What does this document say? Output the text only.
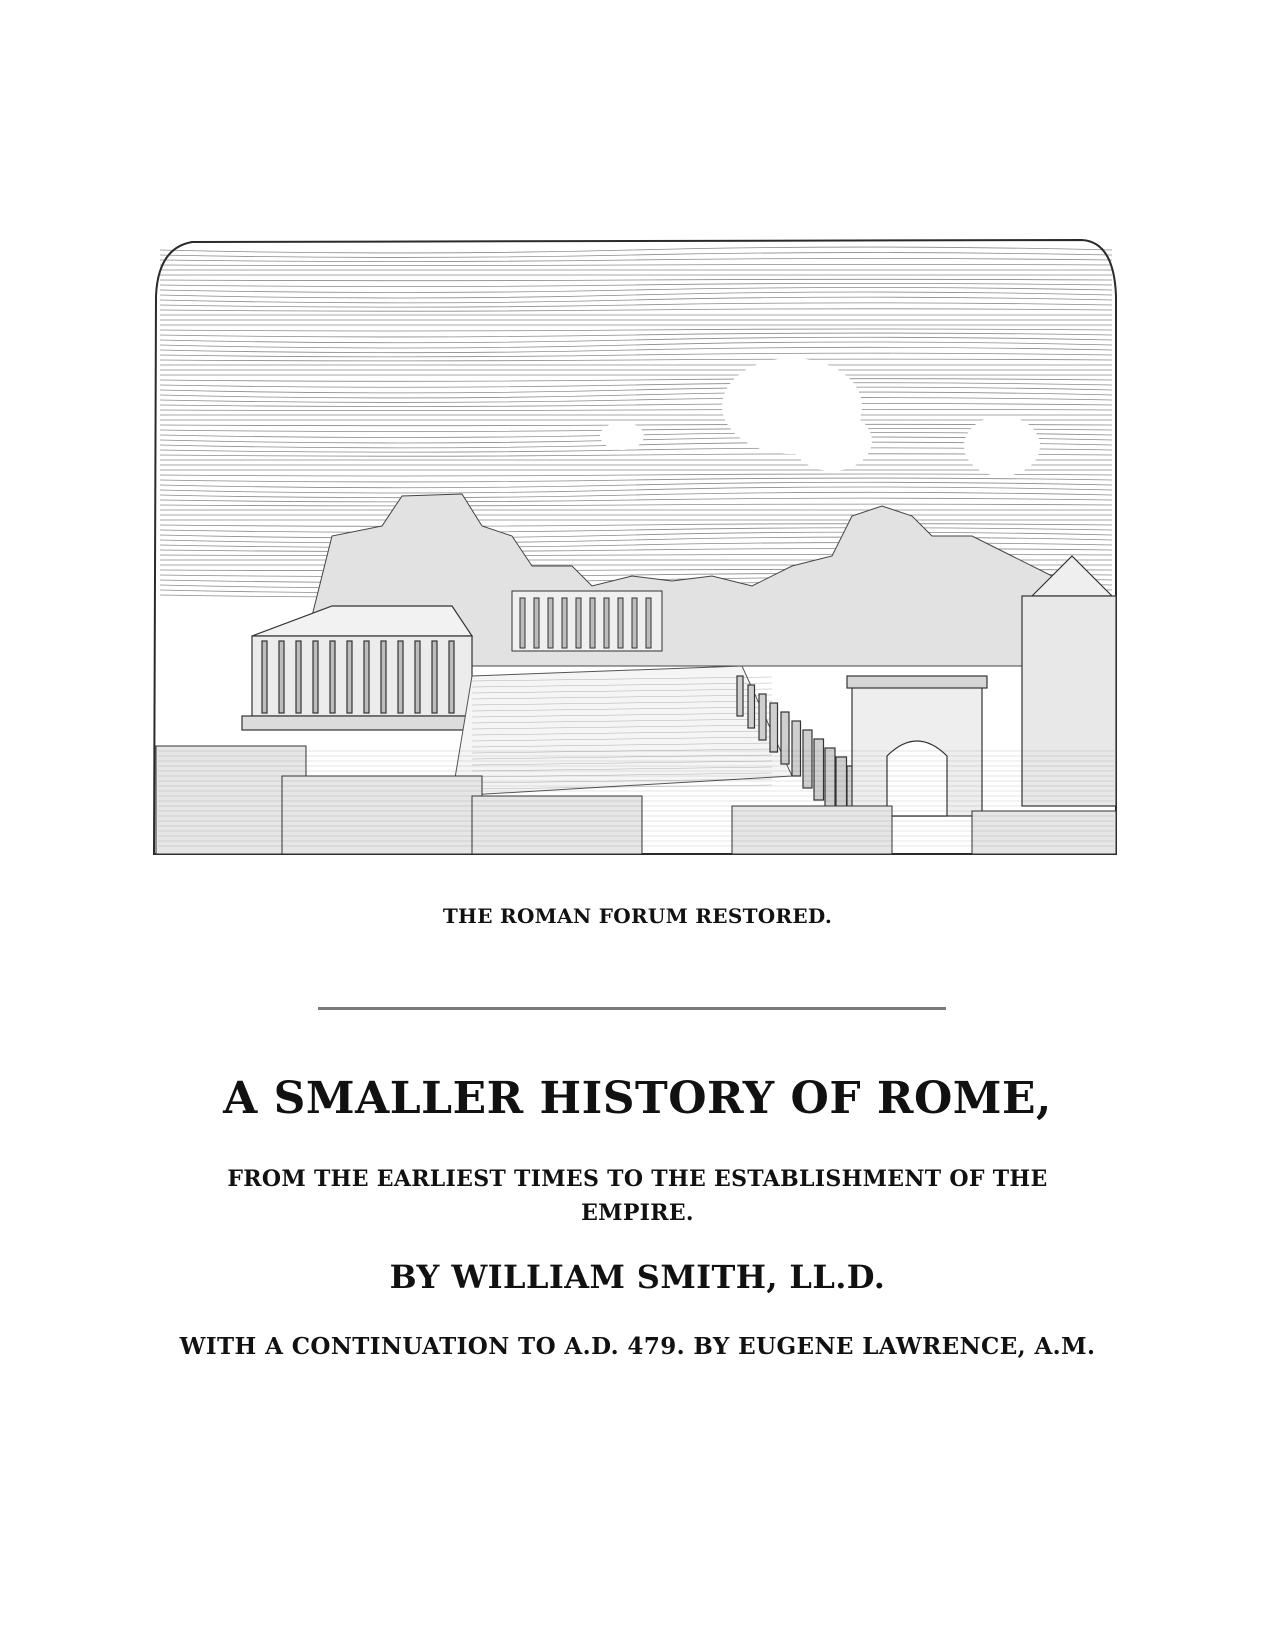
THE ROMAN FORUM RESTORED.
A SMALLER HISTORY OF ROME,
FROM THE EARLIEST TIMES TO THE ESTABLISHMENT OF THE EMPIRE.
BY WILLIAM SMITH, LL.D.
WITH A CONTINUATION TO A.D. 479. BY EUGENE LAWRENCE, A.M.
